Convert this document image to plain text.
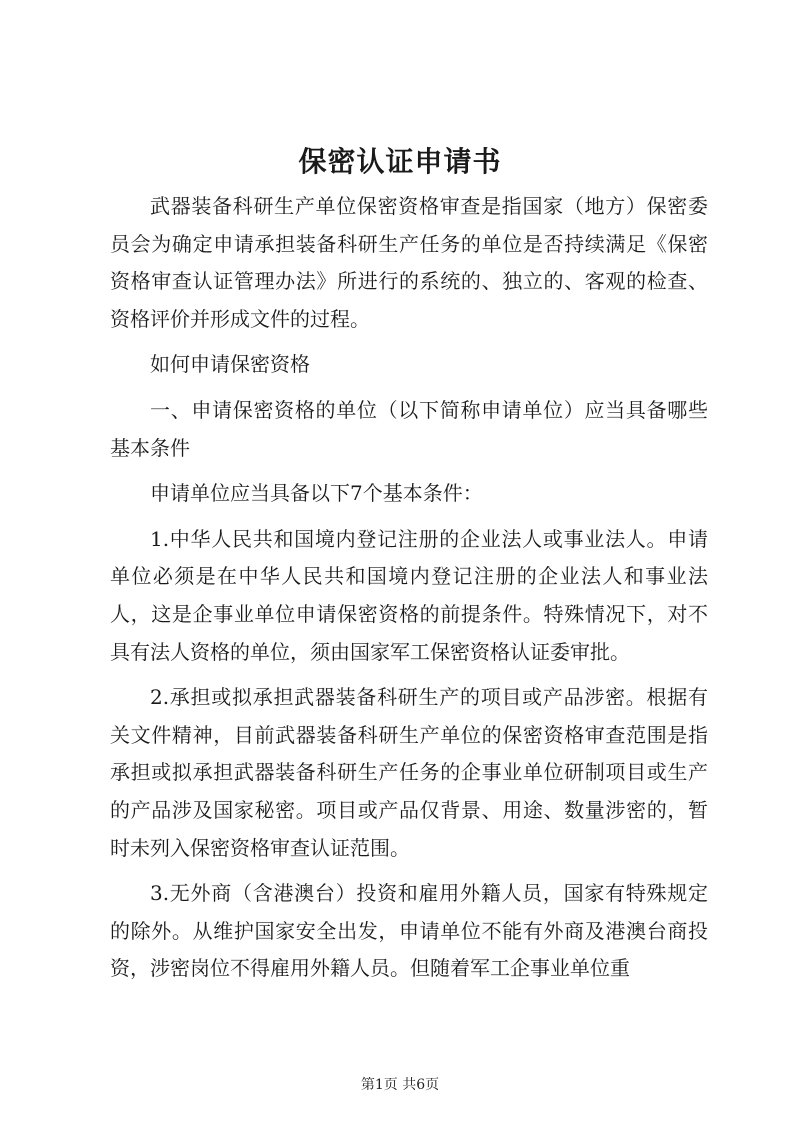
保密认证申请书

武器装备科研生产单位保密资格审查是指国家（地方）保密委员会为确定申请承担装备科研生产任务的单位是否持续满足《保密资格审查认证管理办法》所进行的系统的、独立的、客观的检查、资格评价并形成文件的过程。

如何申请保密资格

一、申请保密资格的单位（以下简称申请单位）应当具备哪些基本条件

申请单位应当具备以下7个基本条件：

1.中华人民共和国境内登记注册的企业法人或事业法人。申请单位必须是在中华人民共和国境内登记注册的企业法人和事业法人，这是企事业单位申请保密资格的前提条件。特殊情况下，对不具有法人资格的单位，须由国家军工保密资格认证委审批。

2.承担或拟承担武器装备科研生产的项目或产品涉密。根据有关文件精神，目前武器装备科研生产单位的保密资格审查范围是指承担或拟承担武器装备科研生产任务的企事业单位研制项目或生产的产品涉及国家秘密。项目或产品仅背景、用途、数量涉密的，暂时未列入保密资格审查认证范围。

3.无外商（含港澳台）投资和雇用外籍人员，国家有特殊规定的除外。从维护国家安全出发，申请单位不能有外商及港澳台商投资，涉密岗位不得雇用外籍人员。但随着军工企事业单位重

第1页 共6页
